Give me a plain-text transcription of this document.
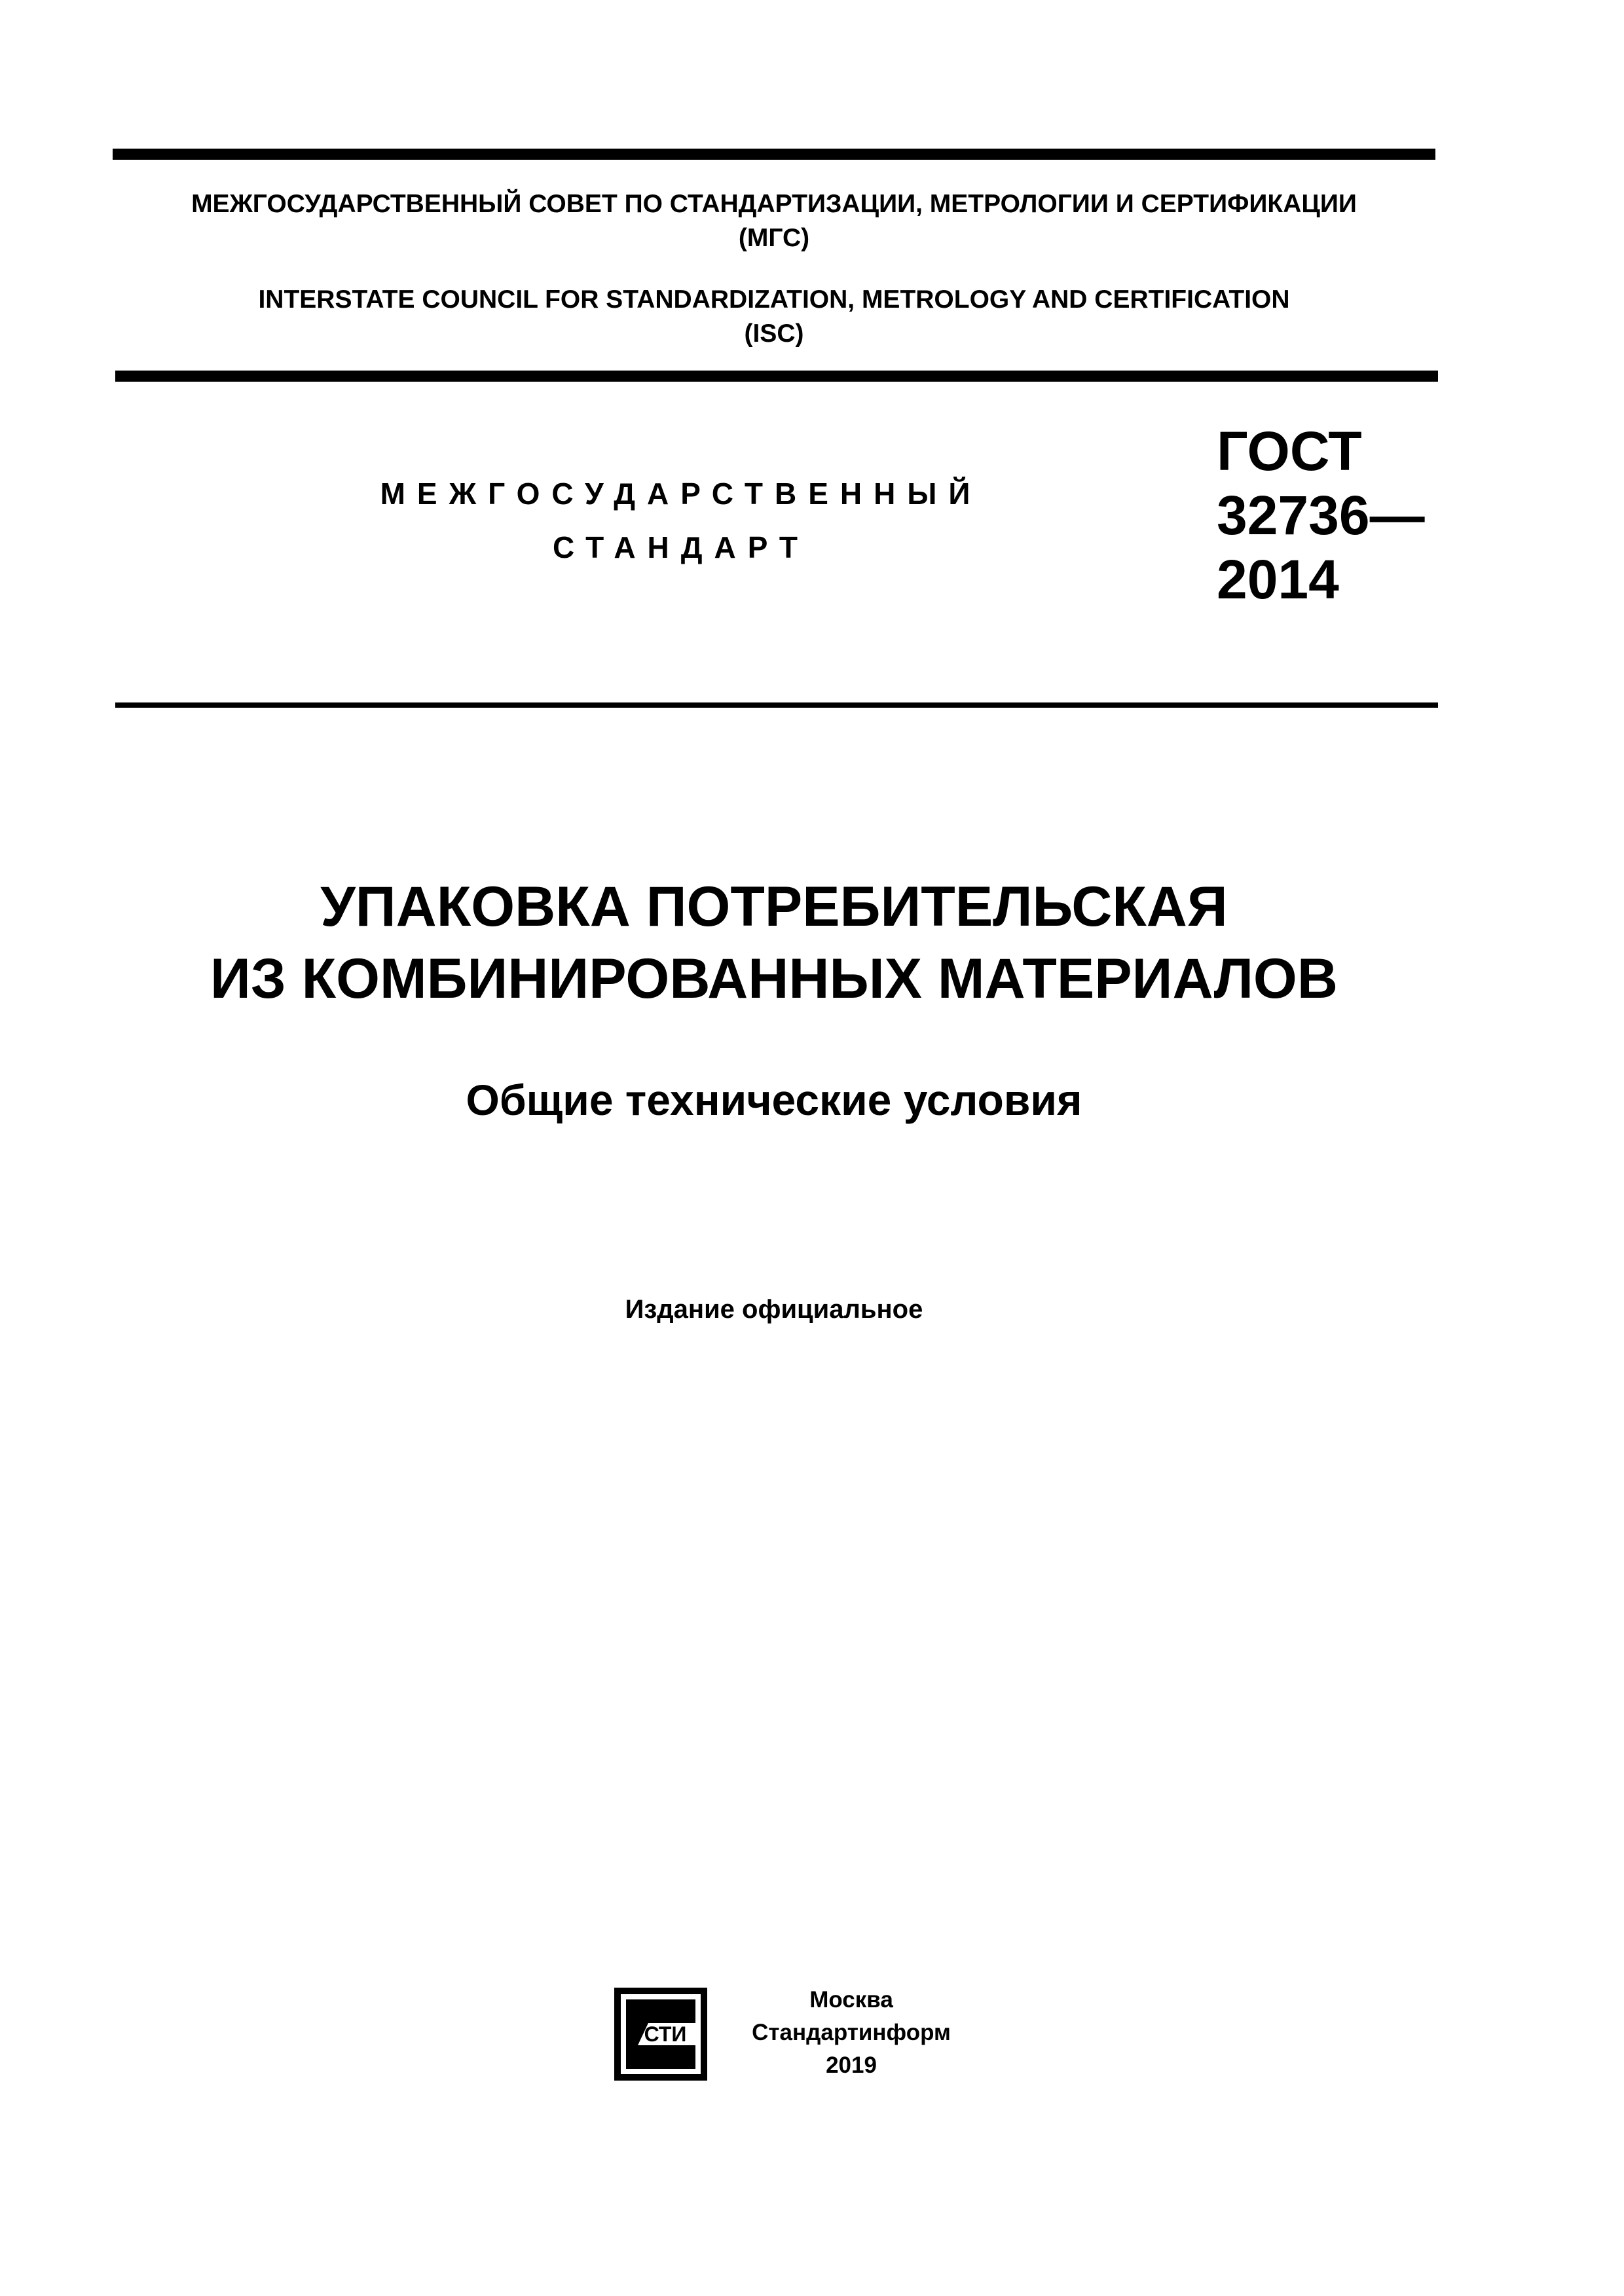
МЕЖГОСУДАРСТВЕННЫЙ СОВЕТ ПО СТАНДАРТИЗАЦИИ, МЕТРОЛОГИИ И СЕРТИФИКАЦИИ
(МГС)
INTERSTATE COUNCIL FOR STANDARDIZATION, METROLOGY AND CERTIFICATION
(ISC)
МЕЖГОСУДАРСТВЕННЫЙ
СТАНДАРТ
ГОСТ
32736—
2014
УПАКОВКА ПОТРЕБИТЕЛЬСКАЯ
ИЗ КОМБИНИРОВАННЫХ МАТЕРИАЛОВ
Общие технические условия
Издание официальное
СТИ
Москва
Стандартинформ
2019
